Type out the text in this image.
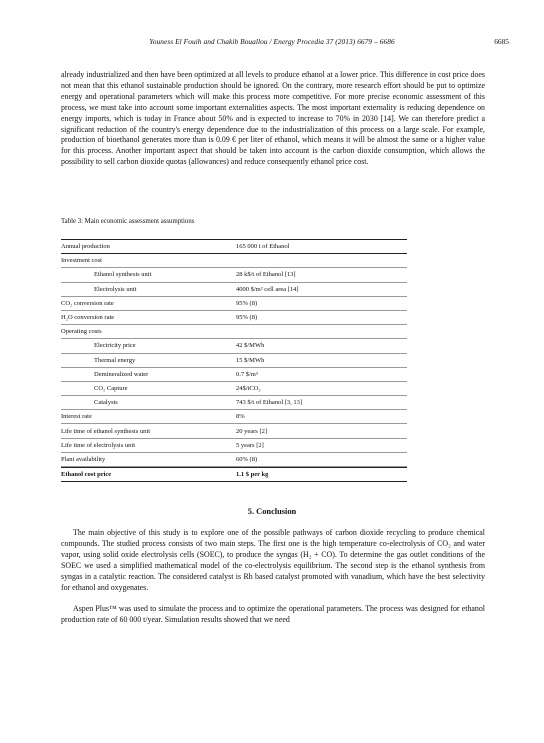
Youness El Fouih and Chakib Bouallou / Energy Procedia 37 (2013) 6679 – 6686	6685

already industrialized and then have been optimized at all levels to produce ethanol at a lower price. This difference in cost price does not mean that this ethanol sustainable production should be ignored. On the contrary, more research effort should be put to optimize energy and operational parameters which will make this process more competitive. For more precise economic assessment of this process, we must take into account some important externalities aspects. The most important externality is reducing dependence on energy imports, which is today in France about 50% and is expected to increase to 70% in 2030 [14]. We can therefore predict a significant reduction of the country's energy dependence due to the industrialization of this process on a large scale. For example, production of bioethanol generates more than is 0.09 € per liter of ethanol, which means it will be almost the same or a higher value for this process. Another important aspect that should be taken into account is the carbon dioxide consumption, which allows the possibility to sell carbon dioxide quotas (allowances) and reduce consequently ethanol price cost.

Table 3: Main economic assessment assumptions
Annual production	165 000 t of Ethanol
Investment cost
Ethanol synthesis unit	28 k$/t of Ethanol [13]
Electrolysis unit	4000 $/m² cell area [14]
CO₂ conversion rate	95% (8)
H₂O conversion rate	95% (8)
Operating costs
Electricity price	42 $/MWh
Thermal energy	15 $/MWh
Demineralized water	0.7 $/m³
CO₂ Capture	24$/tCO₂
Catalysts	743 $/t of Ethanol [3, 13]
Interest rate	8%
Life time of ethanol synthesis unit	20 years [2]
Life time of electrolysis unit	5 years [2]
Plant availability	60% (8)
Ethanol cost price	1.1 $ per kg
5. Conclusion

The main objective of this study is to explore one of the possible pathways of carbon dioxide recycling to produce chemical compounds. The studied process consists of two main steps. The first one is the high temperature co-electrolysis of CO₂ and water vapor, using solid oxide electrolysis cells (SOEC), to produce the syngas (H₂ + CO). To determine the gas outlet conditions of the SOEC we used a simplified mathematical model of the co-electrolysis equilibrium. The second step is the ethanol synthesis from syngas in a catalytic reaction. The considered catalyst is Rh based catalyst promoted with vanadium, which have the best selectivity for ethanol and oxygenates.

Aspen Plus™ was used to simulate the process and to optimize the operational parameters. The process was designed for ethanol production rate of 60 000 t/year. Simulation results showed that we need
